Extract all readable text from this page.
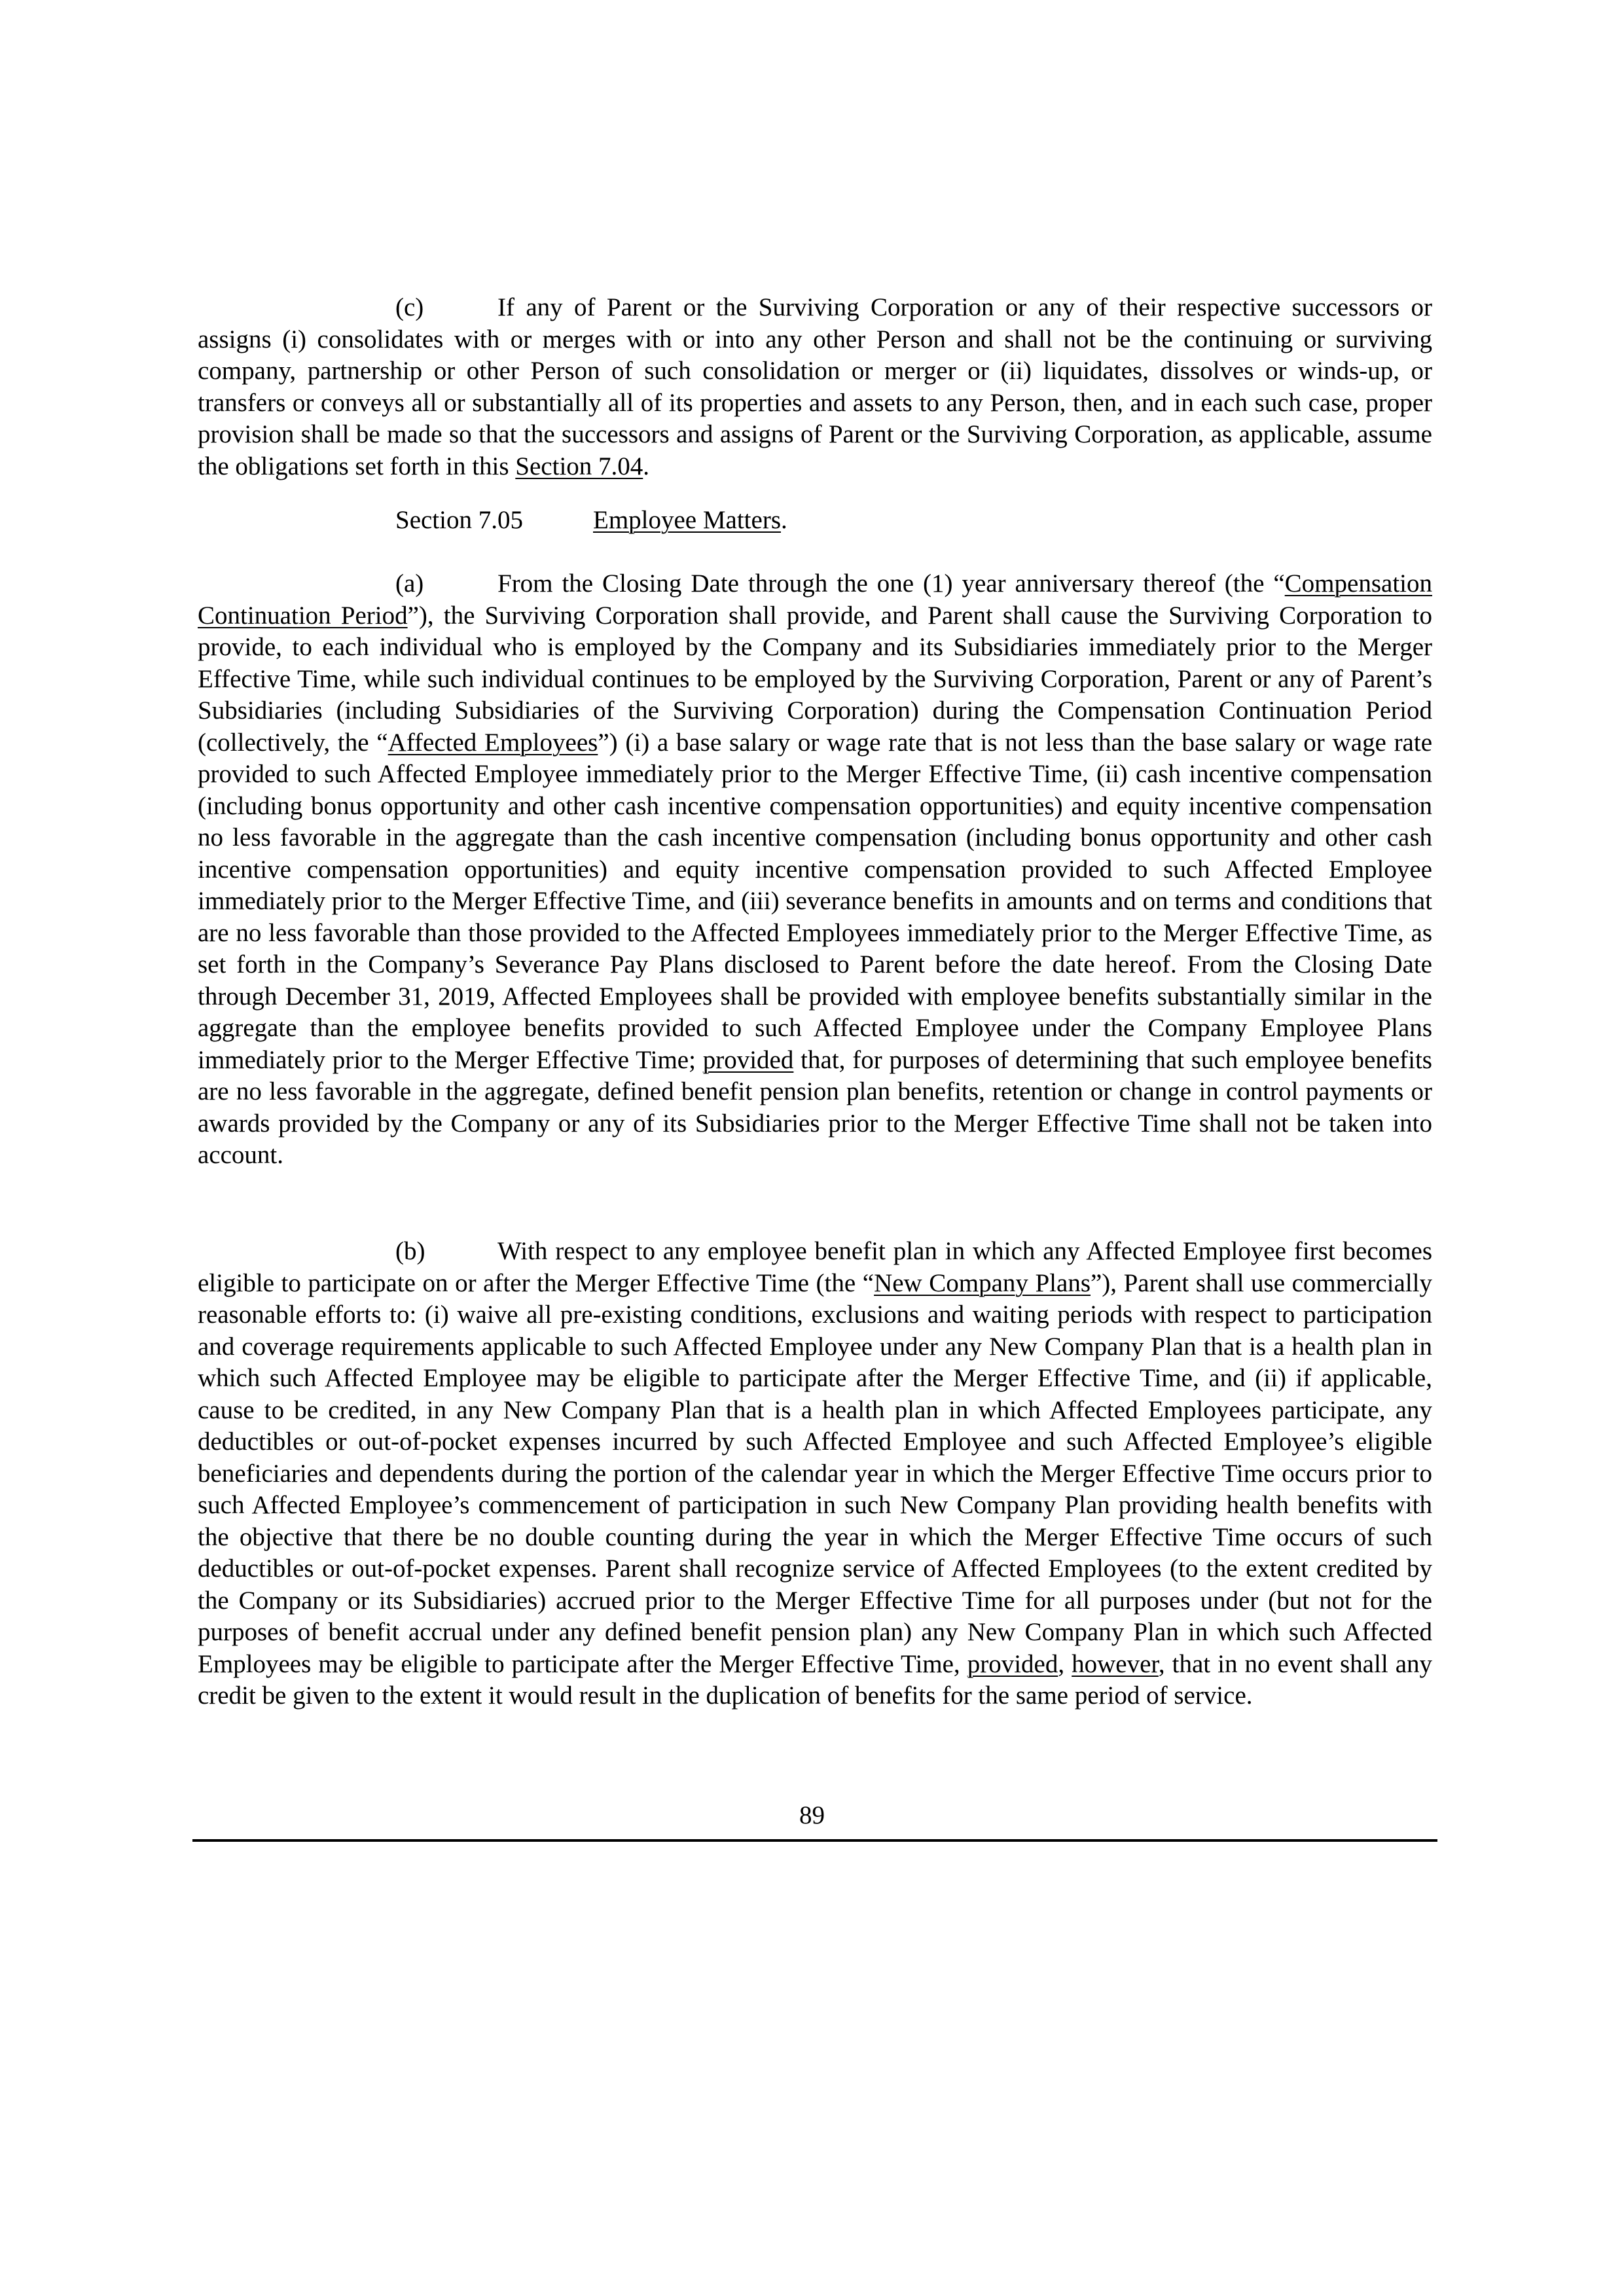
(c)	If any of Parent or the Surviving Corporation or any of their respective successors or assigns (i) consolidates with or merges with or into any other Person and shall not be the continuing or surviving company, partnership or other Person of such consolidation or merger or (ii) liquidates, dissolves or winds-up, or transfers or conveys all or substantially all of its properties and assets to any Person, then, and in each such case, proper provision shall be made so that the successors and assigns of Parent or the Surviving Corporation, as applicable, assume the obligations set forth in this Section 7.04.

Section 7.05	Employee Matters.

(a)	From the Closing Date through the one (1) year anniversary thereof (the “Compensation Continuation Period”), the Surviving Corporation shall provide, and Parent shall cause the Surviving Corporation to provide, to each individual who is employed by the Company and its Subsidiaries immediately prior to the Merger Effective Time, while such individual continues to be employed by the Surviving Corporation, Parent or any of Parent’s Subsidiaries (including Subsidiaries of the Surviving Corporation) during the Compensation Continuation Period (collectively, the “Affected Employees”) (i) a base salary or wage rate that is not less than the base salary or wage rate provided to such Affected Employee immediately prior to the Merger Effective Time, (ii) cash incentive compensation (including bonus opportunity and other cash incentive compensation opportunities) and equity incentive compensation no less favorable in the aggregate than the cash incentive compensation (including bonus opportunity and other cash incentive compensation opportunities) and equity incentive compensation provided to such Affected Employee immediately prior to the Merger Effective Time, and (iii) severance benefits in amounts and on terms and conditions that are no less favorable than those provided to the Affected Employees immediately prior to the Merger Effective Time, as set forth in the Company’s Severance Pay Plans disclosed to Parent before the date hereof. From the Closing Date through December 31, 2019, Affected Employees shall be provided with employee benefits substantially similar in the aggregate than the employee benefits provided to such Affected Employee under the Company Employee Plans immediately prior to the Merger Effective Time; provided that, for purposes of determining that such employee benefits are no less favorable in the aggregate, defined benefit pension plan benefits, retention or change in control payments or awards provided by the Company or any of its Subsidiaries prior to the Merger Effective Time shall not be taken into account.

(b)	With respect to any employee benefit plan in which any Affected Employee first becomes eligible to participate on or after the Merger Effective Time (the “New Company Plans”), Parent shall use commercially reasonable efforts to: (i) waive all pre-existing conditions, exclusions and waiting periods with respect to participation and coverage requirements applicable to such Affected Employee under any New Company Plan that is a health plan in which such Affected Employee may be eligible to participate after the Merger Effective Time, and (ii) if applicable, cause to be credited, in any New Company Plan that is a health plan in which Affected Employees participate, any deductibles or out-of-pocket expenses incurred by such Affected Employee and such Affected Employee’s eligible beneficiaries and dependents during the portion of the calendar year in which the Merger Effective Time occurs prior to such Affected Employee’s commencement of participation in such New Company Plan providing health benefits with the objective that there be no double counting during the year in which the Merger Effective Time occurs of such deductibles or out-of-pocket expenses. Parent shall recognize service of Affected Employees (to the extent credited by the Company or its Subsidiaries) accrued prior to the Merger Effective Time for all purposes under (but not for the purposes of benefit accrual under any defined benefit pension plan) any New Company Plan in which such Affected Employees may be eligible to participate after the Merger Effective Time, provided, however, that in no event shall any credit be given to the extent it would result in the duplication of benefits for the same period of service.

89
